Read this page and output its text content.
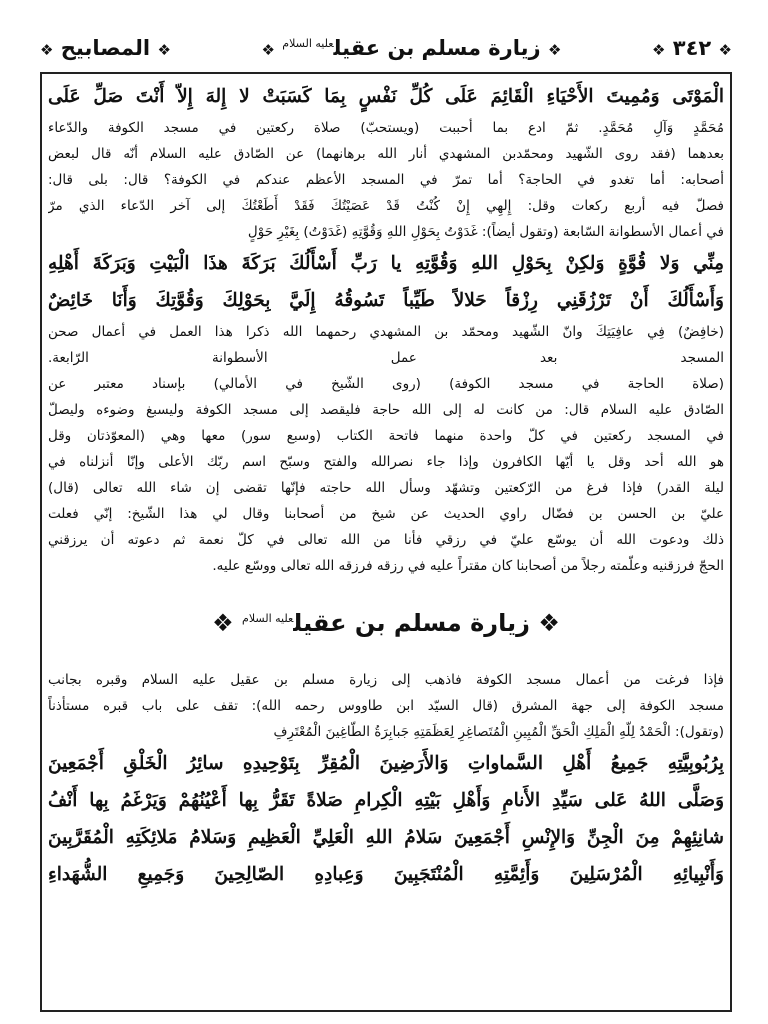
❖ ٣٤٢ ❖
❖ زيارة مسلم بن عقيل$^{عليه السلام}$ ❖
❖ المصابيح ❖
الْمَوْتَى وَمُمِيتَ الأَحْيَاءِ الْقَائِمَ عَلَى كُلِّ نَفْسٍ بِمَا كَسَبَتْ لا إِلهَ إِلاّ أَنْتَ صَلِّ عَلَى
مُحَمَّدٍ وَآلِ مُحَمَّدٍ. ثمّ ادع بما أحببت (ويستحبّ) صلاة ركعتين في مسجد الكوفة والدّعاء
بعدهما (فقد روى الشّهيد ومحمّدبن المشهدي أنار الله برهانهما) عن الصّادق عليه السلام أنّه قال لبعض
أصحابه: أما تغدو في الحاجة؟ أما تمرّ في المسجد الأعظم عندكم في الكوفة؟ قال: بلى قال:
فصلّ فيه أربع ركعات وقل: إِلهِي إِنْ كُنْتُ قَدْ عَصَيْتُكَ فَقَدْ أَطَعْتُكَ إلى آخر الدّعاء الذي مرّ
في أعمال الأسطوانة السّابعة (وتقول أيضاً): غَدَوْتُ بِحَوْلِ اللهِ وَقُوَّتِهِ (غَدَوْتُ) بِغَيْرِ حَوْلٍ
مِنِّي وَلا قُوَّةٍ وَلكِنْ بِحَوْلِ اللهِ وَقُوَّتِهِ يا رَبِّ أَسْأَلُكَ بَرَكَةَ هذَا الْبَيْتِ وَبَرَكَةَ أَهْلِهِ
وَأَسْأَلُكَ أَنْ تَرْزُقَنِي رِزْقاً حَلالاً طَيِّباً تَسُوقُهُ إِلَيَّ بِحَوْلِكَ وَقُوَّتِكَ وَأَنَا خَائِضٌ
(خافِضٌ) فِي عافِيَتِكَ وانّ الشّهيد ومحمّد بن المشهدي رحمهما الله ذكرا هذا العمل في أعمال صحن
المسجد بعد عمل الأسطوانة الرّابعة.
(صلاة الحاجة في مسجد الكوفة) (روى الشّيخ في الأمالي) بإسناد معتبر عن
الصّادق عليه السلام قال: من كانت له إلى الله حاجة فليقصد إلى مسجد الكوفة وليسبغ وضوءه وليصلّ
في المسجد ركعتين في كلّ واحدة منهما فاتحة الكتاب (وسبع سور) معها وهي (المعوّذتان وقل
هو الله أحد وقل يا أيّها الكافرون وإذا جاء نصرالله والفتح وسبّح اسم ربّك الأعلى وإنّا أنزلناه في
ليلة القدر) فإذا فرغ من الرّكعتين وتشهّد وسأل الله حاجته فإنّها تقضى إن شاء الله تعالى (قال)
عليّ بن الحسن بن فضّال راوي الحديث عن شيخ من أصحابنا وقال لي هذا الشّيخ: إنّي فعلت
ذلك ودعوت الله أن يوسّع عليّ في رزقي فأنا من الله تعالى في كلّ نعمة ثم دعوته أن يرزقني
الحجّ فرزقنيه وعلّمته رجلاً من أصحابنا كان مقتراً عليه في رزقه فرزقه الله تعالى ووسّع عليه.
❖ زيارة مسلم بن عقيل$^{عليه السلام}$ ❖
فإذا فرغت من أعمال مسجد الكوفة فاذهب إلى زيارة مسلم بن عقيل عليه السلام وقبره بجانب
مسجد الكوفة إلى جهة المشرق (قال السيّد ابن طاووس رحمه الله): تقف على باب قبره مستأذناً
(وتقول): الْحَمْدُ لِلّهِ الْمَلِكِ الْحَقِّ الْمُبِينِ الْمُتَصاغِرِ لِعَظَمَتِهِ جَبابِرَةُ الطّاغِينَ الْمُعْتَرِفِ
بِرُبُوبِيَّتِهِ جَمِيعُ أَهْلِ السَّماواتِ وَالأَرَضِينَ الْمُقِرِّ بِتَوْحِيدِهِ سائِرُ الْخَلْقِ أَجْمَعِينَ
وَصَلَّى اللهُ عَلى سَيِّدِ الأَنامِ وَأَهْلِ بَيْتِهِ الْكِرامِ صَلاةً تَقَرُّ بِها أَعْيُنُهُمْ وَيَرْغَمُ بِها أَنْفُ
شانِئِهِمْ مِنَ الْجِنِّ وَالإِنْسِ أَجْمَعِينَ سَلامُ اللهِ الْعَلِيِّ الْعَظِيمِ وَسَلامُ مَلائِكَتِهِ الْمُقَرَّبِينَ
وَأَنْبِيائِهِ الْمُرْسَلِينَ وَأَئِمَّتِهِ الْمُنْتَجَبِينَ وَعِبادِهِ الصّالِحِينَ وَجَمِيعِ الشُّهَداءِ
